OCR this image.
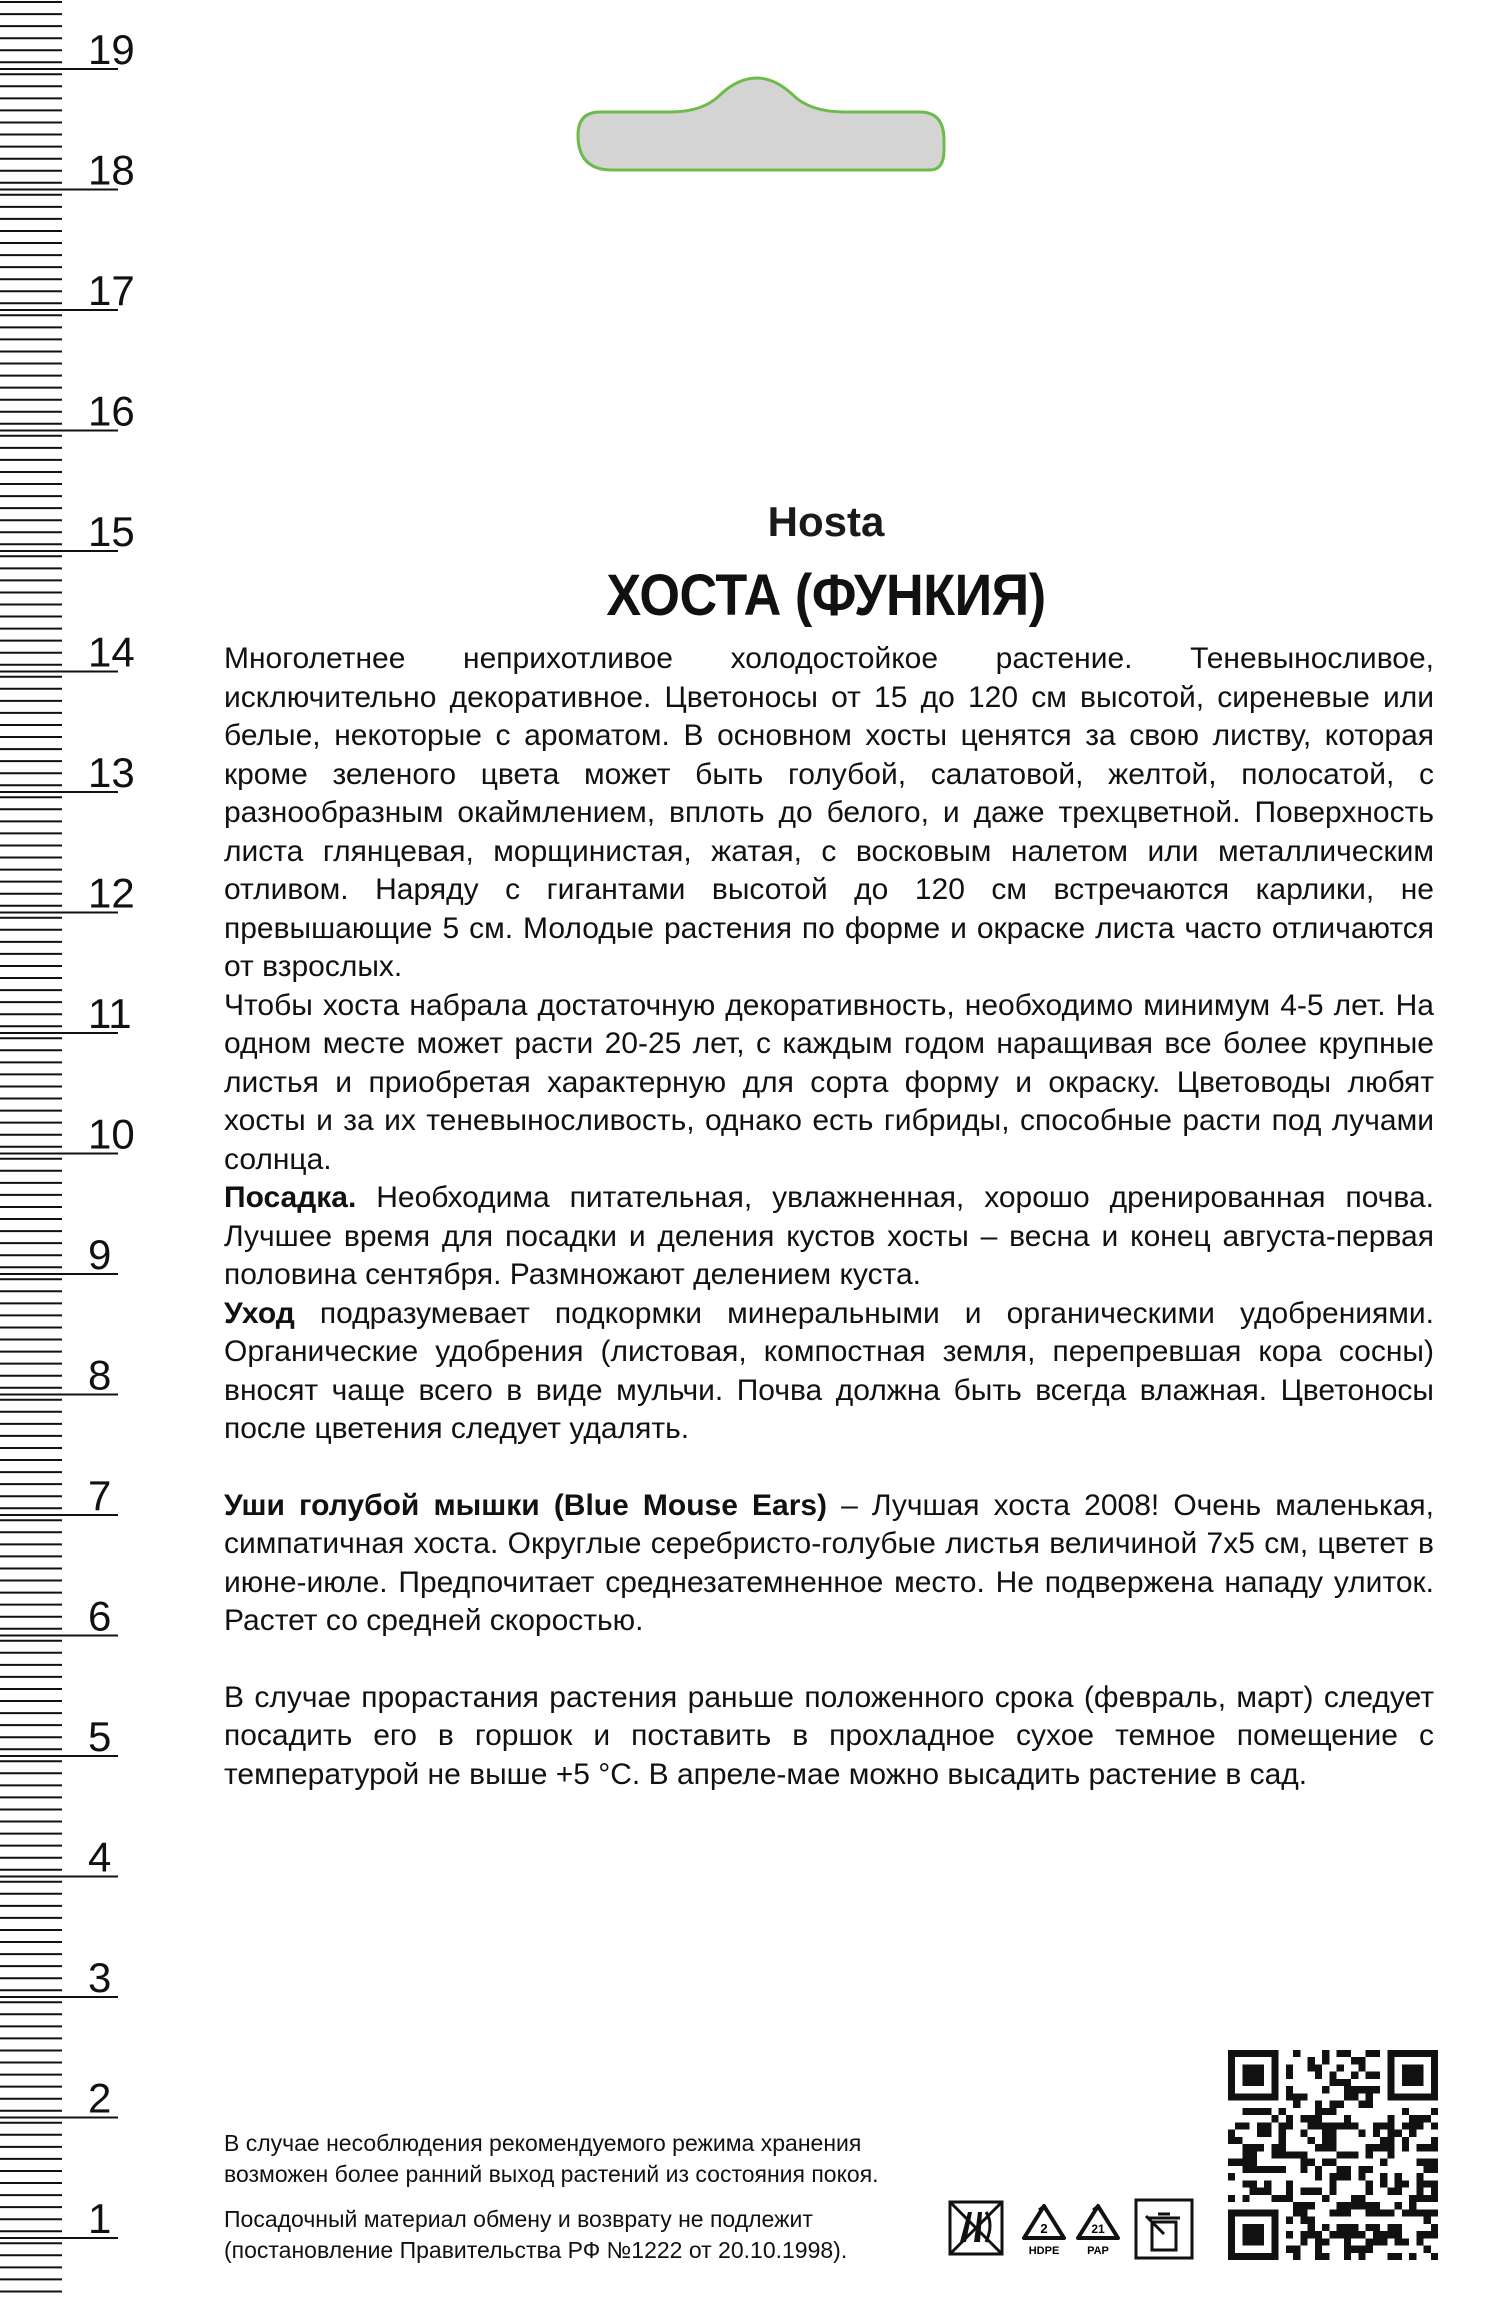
19
18
17
16
15
14
13
12
11
10
9
8
7
6
5
4
3
2
1
Hosta
ХОСТА (ФУНКИЯ)

Многолетнее неприхотливое холодостойкое растение. Теневыносливое, исключительно декоративное. Цветоносы от 15 до 120 см высотой, сиреневые или белые, некоторые с ароматом. В основном хосты ценятся за свою листву, которая кроме зеленого цвета может быть голубой, салатовой, желтой, полосатой, с разнообразным окаймлением, вплоть до белого, и даже трехцветной. Поверхность листа глянцевая, морщинистая, жатая, с восковым налетом или металлическим отливом. Наряду с гигантами высотой до 120 см встречаются карлики, не превышающие 5 см. Молодые растения по форме и окраске листа часто отличаются от взрослых.

Чтобы хоста набрала достаточную декоративность, необходимо минимум 4-5 лет. На одном месте может расти 20-25 лет, с каждым годом наращивая все более крупные листья и приобретая характерную для сорта форму и окраску. Цветоводы любят хосты и за их теневыносливость, однако есть гибриды, способные расти под лучами солнца.

Посадка. Необходима питательная, увлажненная, хорошо дренированная почва. Лучшее время для посадки и деления кустов хосты – весна и конец августа-первая половина сентября. Размножают делением куста.

Уход подразумевает подкормки минеральными и органическими удобрениями. Органические удобрения (листовая, компостная земля, перепревшая кора сосны) вносят чаще всего в виде мульчи. Почва должна быть всегда влажная. Цветоносы после цветения следует удалять.

Уши голубой мышки (Blue Mouse Ears) – Лучшая хоста 2008! Очень маленькая, симпатичная хоста. Округлые серебристо-голубые листья величиной 7х5 см, цветет в июне-июле. Предпочитает среднезатемненное место. Не подвержена нападу улиток. Растет со средней скоростью.

В случае прорастания растения раньше положенного срока (февраль, март) следует посадить его в горшок и поставить в прохладное сухое темное помещение с температурой не выше +5 °С. В апреле-мае можно высадить растение в сад.

В случае несоблюдения рекомендуемого режима хранения
возможен более ранний выход растений из состояния покоя.
Посадочный материал обмену и возврату не подлежит
(постановление Правительства РФ №1222 от 20.10.1998).
2
HDPE
21
PAP
